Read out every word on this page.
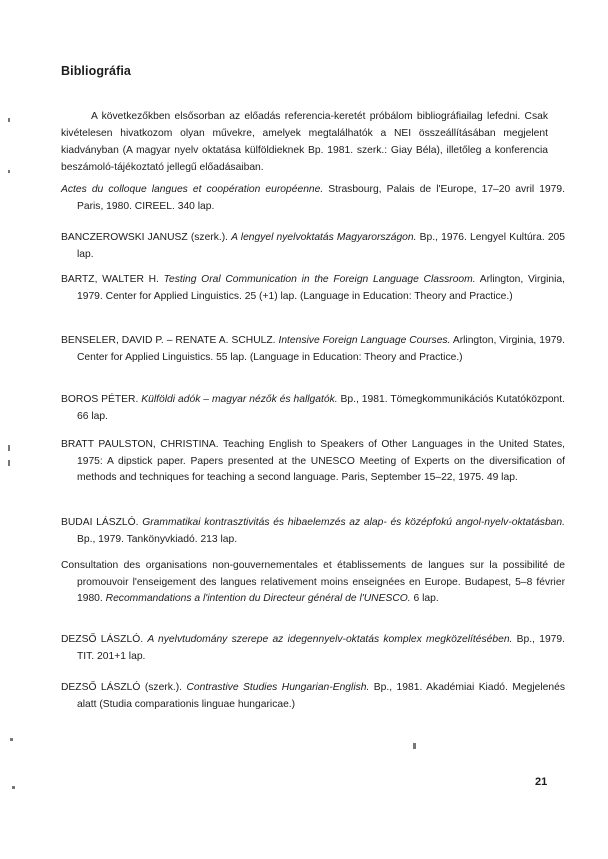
Bibliográfia

A következőkben elsősorban az előadás referencia-keretét próbálom bibliográfiailag lefedni. Csak kivételesen hivatkozom olyan művekre, amelyek megtalálhatók a NEI összeállításában megjelent kiadványban (A magyar nyelv oktatása külföldieknek Bp. 1981. szerk.: Giay Béla), illetőleg a konferencia beszámoló-tájékoztató jellegű előadásaiban.

Actes du colloque langues et coopération européenne. Strasbourg, Palais de l'Europe, 17–20 avril 1979. Paris, 1980. CIREEL. 340 lap.
BANCZEROWSKI JANUSZ (szerk.). A lengyel nyelvoktatás Magyarországon. Bp., 1976. Lengyel Kultúra. 205 lap.
BARTZ, WALTER H. Testing Oral Communication in the Foreign Language Classroom. Arlington, Virginia, 1979. Center for Applied Linguistics. 25 (+1) lap. (Language in Education: Theory and Practice.)
BENSELER, DAVID P. – RENATE A. SCHULZ. Intensive Foreign Language Courses. Arlington, Virginia, 1979. Center for Applied Linguistics. 55 lap. (Language in Education: Theory and Practice.)
BOROS PÉTER. Külföldi adók – magyar nézők és hallgatók. Bp., 1981. Tömegkommunikációs Kutatóközpont. 66 lap.
BRATT PAULSTON, CHRISTINA. Teaching English to Speakers of Other Languages in the United States, 1975: A dipstick paper. Papers presented at the UNESCO Meeting of Experts on the diversification of methods and techniques for teaching a second language. Paris, September 15–22, 1975. 49 lap.
BUDAI LÁSZLÓ. Grammatikai kontrasztivitás és hibaelemzés az alap- és középfokú angol-nyelv-oktatásban. Bp., 1979. Tankönyvkiadó. 213 lap.
Consultation des organisations non-gouvernementales et établissements de langues sur la possibilité de promouvoir l'enseigement des langues relativement moins enseignées en Europe. Budapest, 5–8 février 1980. Recommandations a l'intention du Directeur général de l'UNESCO. 6 lap.
DEZSŐ LÁSZLÓ. A nyelvtudomány szerepe az idegennyelv-oktatás komplex megközelítésében. Bp., 1979. TIT. 201+1 lap.
DEZSŐ LÁSZLÓ (szerk.). Contrastive Studies Hungarian-English. Bp., 1981. Akadémiai Kiadó. Megjelenés alatt (Studia comparationis linguae hungaricae.)
21
